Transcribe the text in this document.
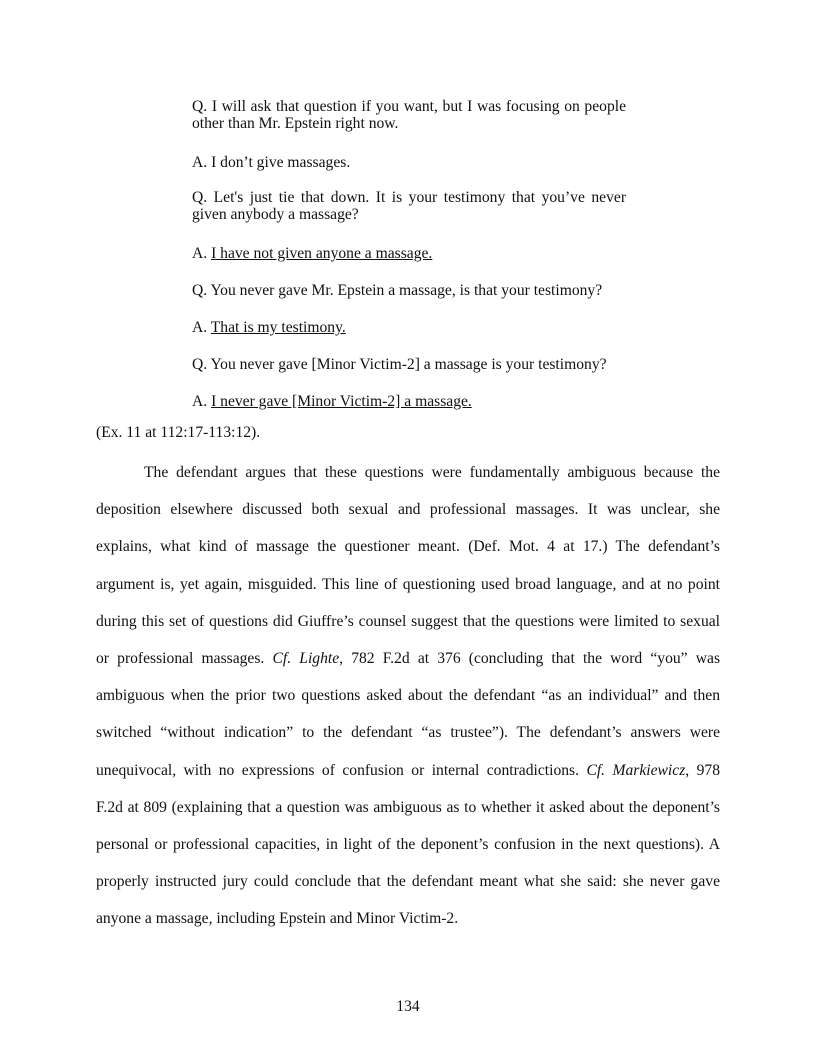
Q. I will ask that question if you want, but I was focusing on people other than Mr. Epstein right now.
A. I don’t give massages.
Q. Let's just tie that down. It is your testimony that you’ve never given anybody a massage?
A. I have not given anyone a massage.
Q. You never gave Mr. Epstein a massage, is that your testimony?
A. That is my testimony.
Q. You never gave [Minor Victim-2] a massage is your testimony?
A. I never gave [Minor Victim-2] a massage.
(Ex. 11 at 112:17-113:12).
The defendant argues that these questions were fundamentally ambiguous because the
deposition elsewhere discussed both sexual and professional massages. It was unclear, she
explains, what kind of massage the questioner meant. (Def. Mot. 4 at 17.) The defendant’s
argument is, yet again, misguided. This line of questioning used broad language, and at no point
during this set of questions did Giuffre’s counsel suggest that the questions were limited to sexual
or professional massages. Cf. Lighte, 782 F.2d at 376 (concluding that the word “you” was
ambiguous when the prior two questions asked about the defendant “as an individual” and then
switched “without indication” to the defendant “as trustee”). The defendant’s answers were
unequivocal, with no expressions of confusion or internal contradictions. Cf. Markiewicz, 978
F.2d at 809 (explaining that a question was ambiguous as to whether it asked about the deponent’s
personal or professional capacities, in light of the deponent’s confusion in the next questions). A
properly instructed jury could conclude that the defendant meant what she said: she never gave
anyone a massage, including Epstein and Minor Victim-2.
134
